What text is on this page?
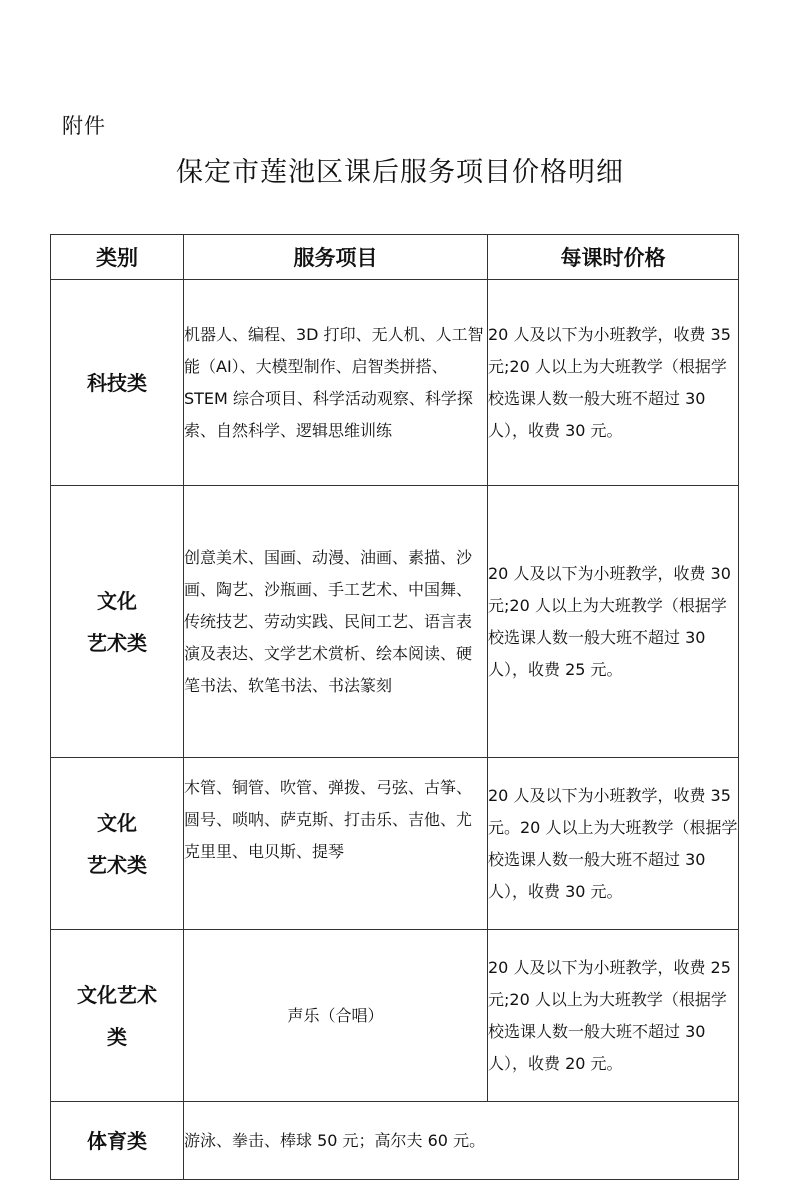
附件
保定市莲池区课后服务项目价格明细
类别	服务项目	每课时价格

科技类	机器人、编程、3D 打印、无人机、人工智能（AI）、大模型制作、启智类拼搭、STEM 综合项目、科学活动观察、科学探索、自然科学、逻辑思维训练	20 人及以下为小班教学，收费 35 元;20 人以上为大班教学（根据学校选课人数一般大班不超过 30 人），收费 30 元。

文化
艺术类	创意美术、国画、动漫、油画、素描、沙画、陶艺、沙瓶画、手工艺术、中国舞、传统技艺、劳动实践、民间工艺、语言表演及表达、文学艺术赏析、绘本阅读、硬笔书法、软笔书法、书法篆刻	20 人及以下为小班教学，收费 30 元;20 人以上为大班教学（根据学校选课人数一般大班不超过 30 人），收费 25 元。

文化
艺术类	木管、铜管、吹管、弹拨、弓弦、古筝、圆号、唢呐、萨克斯、打击乐、吉他、尤克里里、电贝斯、提琴	20 人及以下为小班教学，收费 35 元。20 人以上为大班教学（根据学校选课人数一般大班不超过 30 人），收费 30 元。

文化艺术
类	声乐（合唱）	20 人及以下为小班教学，收费 25 元;20 人以上为大班教学（根据学校选课人数一般大班不超过 30 人），收费 20 元。

体育类	游泳、拳击、棒球 50 元；高尔夫 60 元。	
